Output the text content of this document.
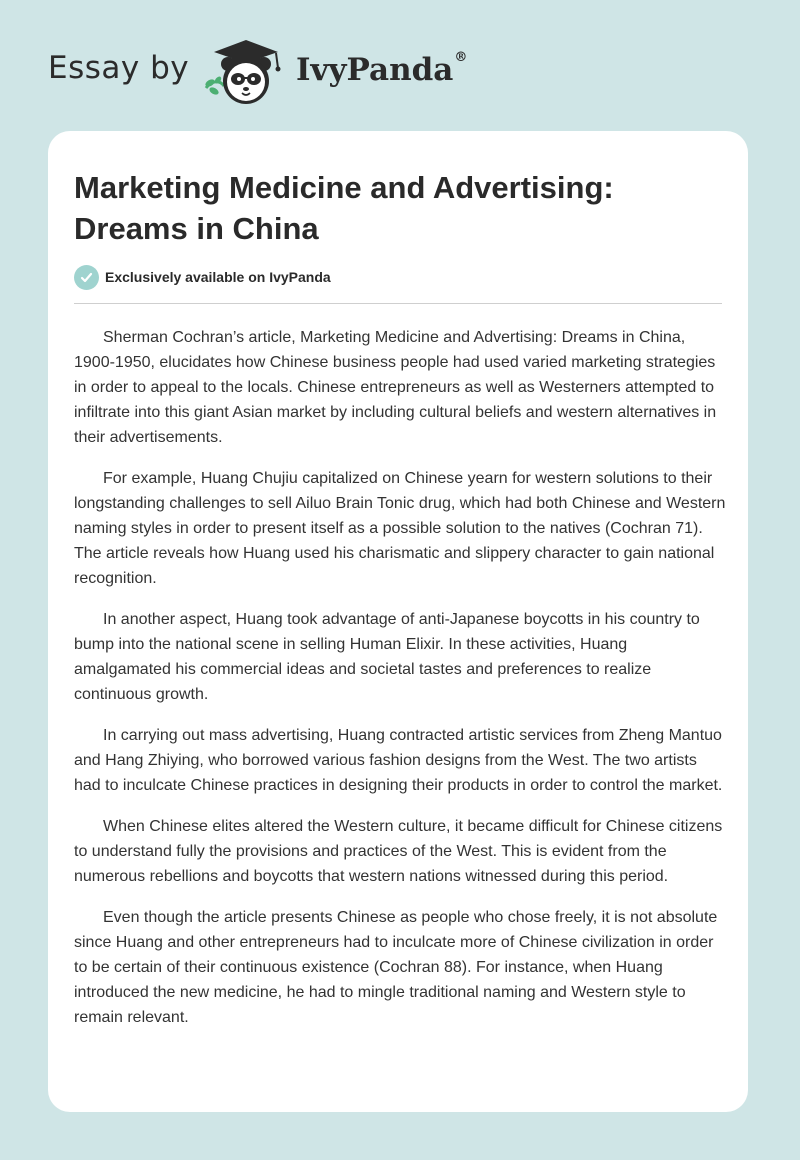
Essay by	IvyPanda®
Marketing Medicine and Advertising: Dreams in China
Exclusively available on IvyPanda

Sherman Cochran’s article, Marketing Medicine and Advertising: Dreams in China, 1900-1950, elucidates how Chinese business people had used varied marketing strategies in order to appeal to the locals. Chinese entrepreneurs as well as Westerners attempted to infiltrate into this giant Asian market by including cultural beliefs and western alternatives in their advertisements.

For example, Huang Chujiu capitalized on Chinese yearn for western solutions to their longstanding challenges to sell Ailuo Brain Tonic drug, which had both Chinese and Western naming styles in order to present itself as a possible solution to the natives (Cochran 71). The article reveals how Huang used his charismatic and slippery character to gain national recognition.

In another aspect, Huang took advantage of anti-Japanese boycotts in his country to bump into the national scene in selling Human Elixir. In these activities, Huang amalgamated his commercial ideas and societal tastes and preferences to realize continuous growth.

In carrying out mass advertising, Huang contracted artistic services from Zheng Mantuo and Hang Zhiying, who borrowed various fashion designs from the West. The two artists had to inculcate Chinese practices in designing their products in order to control the market.

When Chinese elites altered the Western culture, it became difficult for Chinese citizens to understand fully the provisions and practices of the West. This is evident from the numerous rebellions and boycotts that western nations witnessed during this period.

Even though the article presents Chinese as people who chose freely, it is not absolute since Huang and other entrepreneurs had to inculcate more of Chinese civilization in order to be certain of their continuous existence (Cochran 88). For instance, when Huang introduced the new medicine, he had to mingle traditional naming and Western style to remain relevant.
